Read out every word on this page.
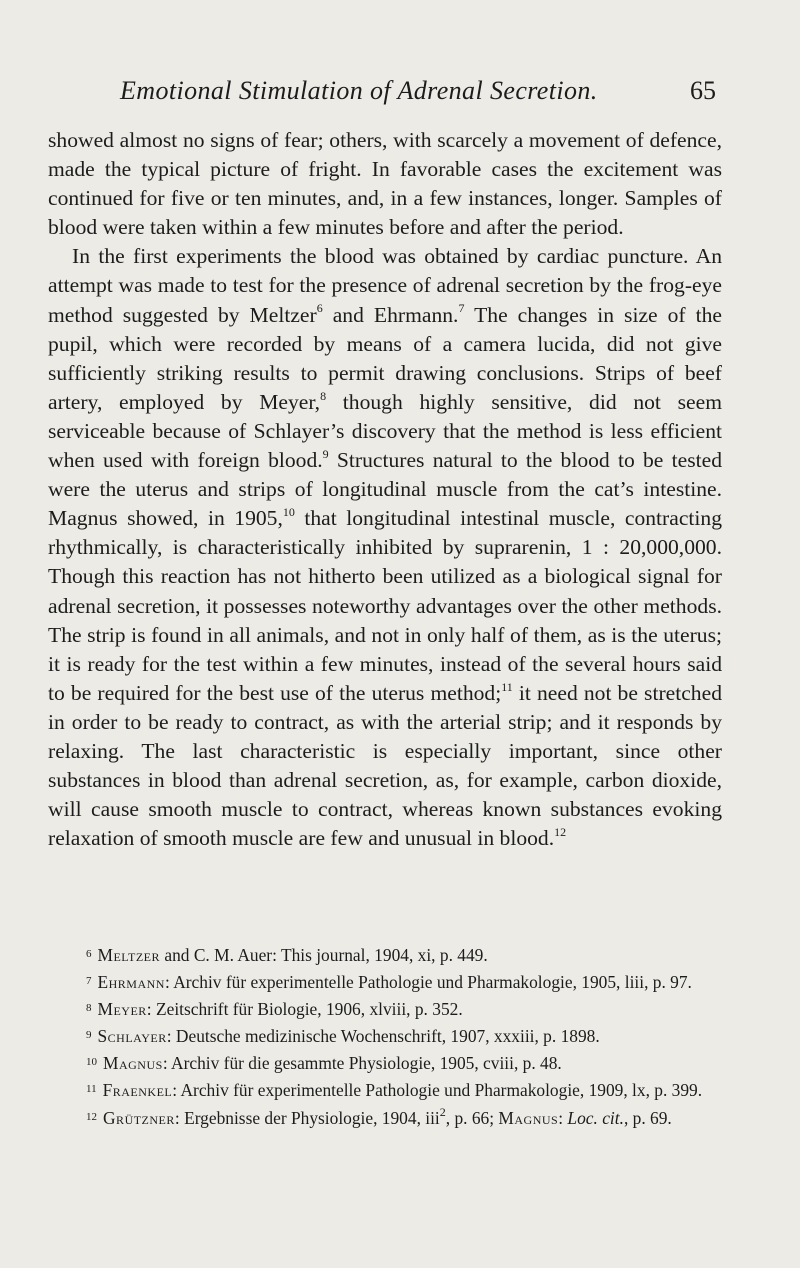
Emotional Stimulation of Adrenal Secretion.	65

showed almost no signs of fear; others, with scarcely a movement of defence, made the typical picture of fright. In favorable cases the excitement was continued for five or ten minutes, and, in a few instances, longer. Samples of blood were taken within a few minutes before and after the period.

In the first experiments the blood was obtained by cardiac puncture. An attempt was made to test for the presence of adrenal secretion by the frog-eye method suggested by Meltzer$^6$ and Ehrmann.$^7$ The changes in size of the pupil, which were recorded by means of a camera lucida, did not give sufficiently striking results to permit drawing conclusions. Strips of beef artery, employed by Meyer,$^8$ though highly sensitive, did not seem serviceable because of Schlayer’s discovery that the method is less efficient when used with foreign blood.$^9$ Structures natural to the blood to be tested were the uterus and strips of longitudinal muscle from the cat’s intestine. Magnus showed, in 1905,10 that longitudinal intestinal muscle, contracting rhythmically, is characteristically inhibited by suprarenin, 1 : 20,000,000. Though this reaction has not hitherto been utilized as a biological signal for adrenal secretion, it possesses noteworthy advantages over the other methods. The strip is found in all animals, and not in only half of them, as is the uterus; it is ready for the test within a few minutes, instead of the several hours said to be required for the best use of the uterus method;$^{11}$ it need not be stretched in order to be ready to contract, as with the arterial strip; and it responds by relaxing. The last characteristic is especially important, since other substances in blood than adrenal secretion, as, for example, carbon dioxide, will cause smooth muscle to contract, whereas known substances evoking relaxation of smooth muscle are few and unusual in blood.$^{12}$

$^6$ Meltzer and C. M. Auer: This journal, 1904, xi, p. 449.

$^7$ Ehrmann: Archiv für experimentelle Pathologie und Pharmakologie, 1905, liii, p. 97.

$^8$ Meyer: Zeitschrift für Biologie, 1906, xlviii, p. 352.

$^9$ Schlayer: Deutsche medizinische Wochenschrift, 1907, xxxiii, p. 1898.

$^{10}$ Magnus: Archiv für die gesammte Physiologie, 1905, cviii, p. 48.

$^{11}$ Fraenkel: Archiv für experimentelle Pathologie und Pharmakologie, 1909, lx, p. 399.

$^{12}$ Grützner: Ergebnisse der Physiologie, 1904, iii$^2$, p. 66; Magnus: Loc. cit., p. 69.
